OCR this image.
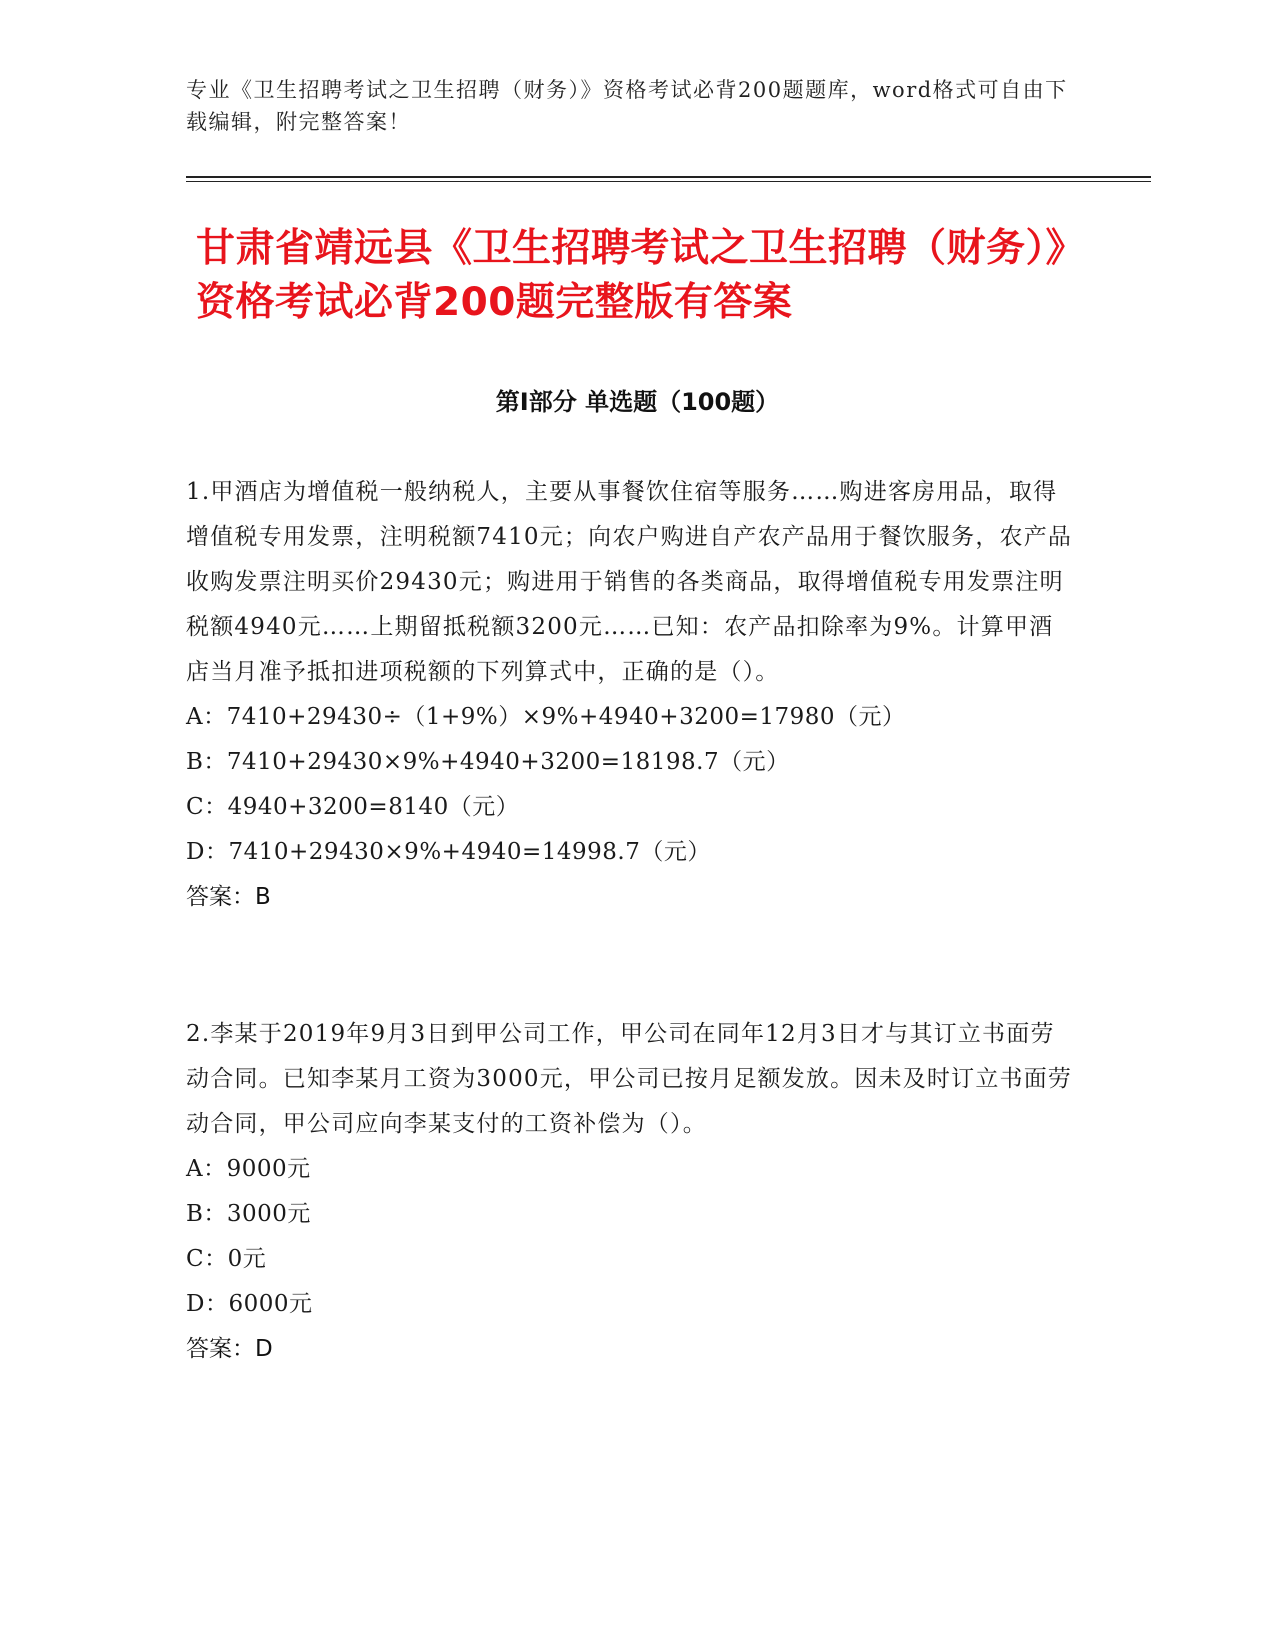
专业《卫生招聘考试之卫生招聘（财务）》资格考试必背200题题库，word格式可自由下载编辑，附完整答案！
甘肃省靖远县《卫生招聘考试之卫生招聘（财务）》资格考试必背200题完整版有答案
第I部分 单选题（100题）

1.甲酒店为增值税一般纳税人，主要从事餐饮住宿等服务……购进客房用品，取得增值税专用发票，注明税额7410元；向农户购进自产农产品用于餐饮服务，农产品收购发票注明买价29430元；购进用于销售的各类商品，取得增值税专用发票注明税额4940元……上期留抵税额3200元……已知：农产品扣除率为9%。计算甲酒店当月准予抵扣进项税额的下列算式中，正确的是（）。

A：7410+29430÷（1+9%）×9%+4940+3200=17980（元）

B：7410+29430×9%+4940+3200=18198.7（元）

C：4940+3200=8140（元）

D：7410+29430×9%+4940=14998.7（元）

答案：B

2.李某于2019年9月3日到甲公司工作，甲公司在同年12月3日才与其订立书面劳动合同。已知李某月工资为3000元，甲公司已按月足额发放。因未及时订立书面劳动合同，甲公司应向李某支付的工资补偿为（）。

A：9000元

B：3000元

C：0元

D：6000元

答案：D
